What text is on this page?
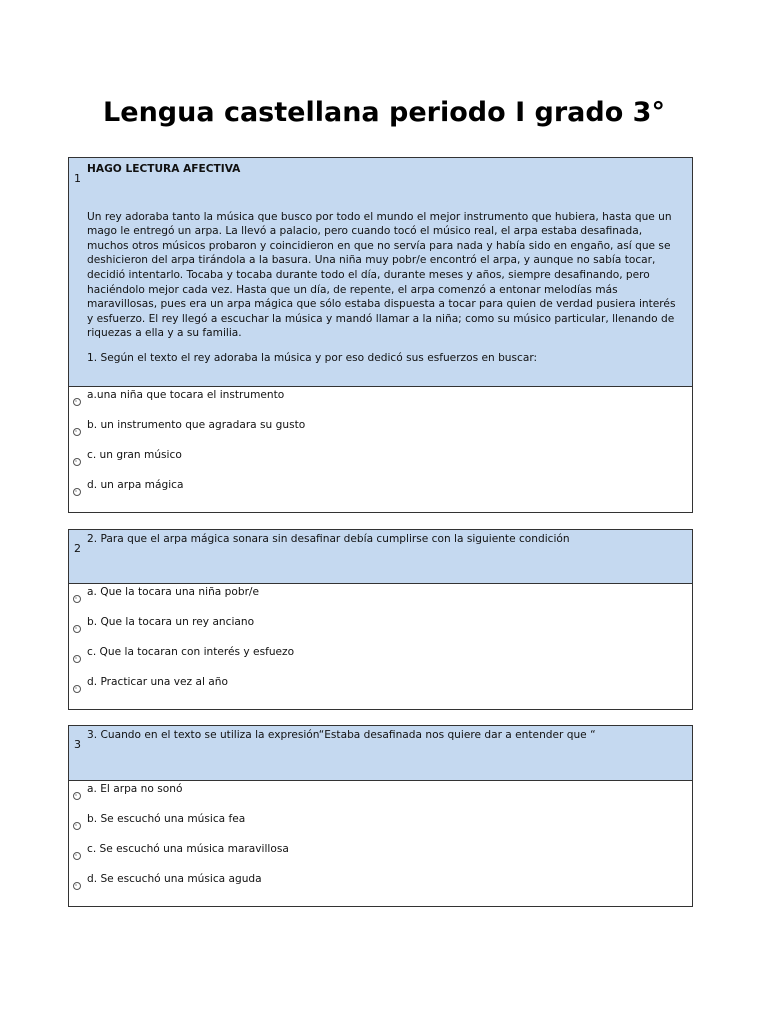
Lengua castellana periodo I grado 3°
1

HAGO LECTURA AFECTIVA

Un rey adoraba tanto la música que busco por todo el mundo el mejor instrumento que hubiera, hasta que un mago le entregó un arpa. La llevó a palacio, pero cuando tocó el músico real, el arpa estaba desafinada, muchos otros músicos probaron y coincidieron en que no servía para nada y había sido en engaño, así que se deshicieron del arpa tirándola a la basura. Una niña muy pobr/e encontró el arpa, y aunque no sabía tocar, decidió intentarlo. Tocaba y tocaba durante todo el día, durante meses y años, siempre desafinando, pero haciéndolo mejor cada vez. Hasta que un día, de repente, el arpa comenzó a entonar melodías más maravillosas, pues era un arpa mágica que sólo estaba dispuesta a tocar para quien de verdad pusiera interés y esfuerzo. El rey llegó a escuchar la música y mandó llamar a la niña; como su músico particular, llenando de riquezas a ella y a su familia.

1. Según el texto el rey adoraba la música y por eso dedicó sus esfuerzos en buscar:

a.una niña que tocara el instrumento
b. un instrumento que agradara su gusto
c. un gran músico
d. un arpa mágica
2

2. Para que el arpa mágica sonara sin desafinar debía cumplirse con la siguiente condición

a. Que la tocara una niña pobr/e
b. Que la tocara un rey anciano
c. Que la tocaran con interés y esfuezo
d. Practicar una vez al año
3

3. Cuando en el texto se utiliza la expresión“Estaba desafinada nos quiere dar a entender que “

a. El arpa no sonó
b. Se escuchó una música fea
c. Se escuchó una música maravillosa
d. Se escuchó una música aguda
